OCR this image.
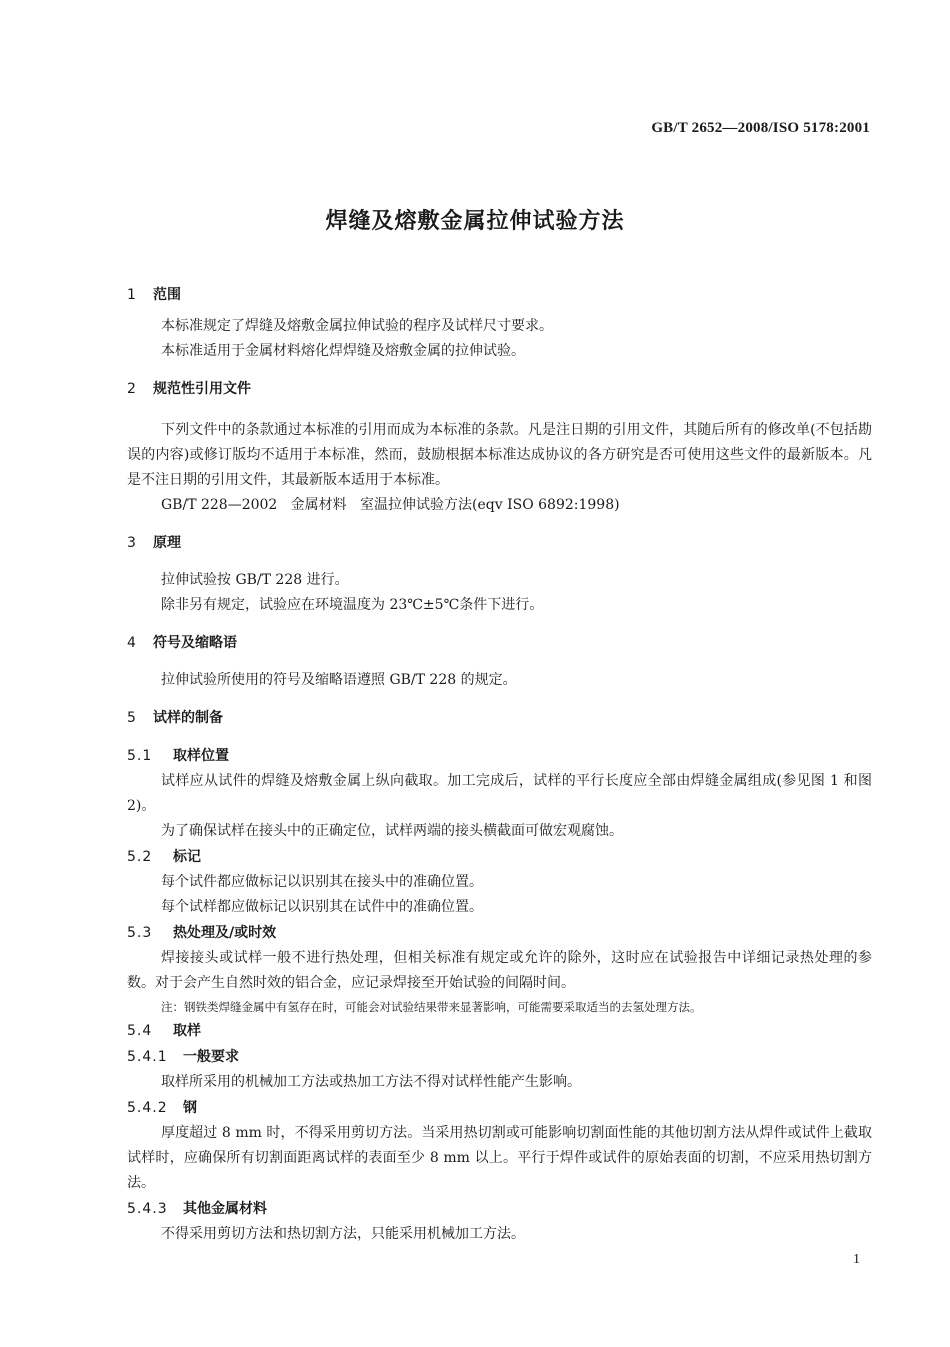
GB/T 2652—2008/ISO 5178:2001
焊缝及熔敷金属拉伸试验方法
1 范围

本标准规定了焊缝及熔敷金属拉伸试验的程序及试样尺寸要求。

本标准适用于金属材料熔化焊焊缝及熔敷金属的拉伸试验。

2 规范性引用文件

下列文件中的条款通过本标准的引用而成为本标准的条款。凡是注日期的引用文件，其随后所有的修改单(不包括勘误的内容)或修订版均不适用于本标准，然而，鼓励根据本标准达成协议的各方研究是否可使用这些文件的最新版本。凡是不注日期的引用文件，其最新版本适用于本标准。

GB/T 228—2002   金属材料   室温拉伸试验方法(eqv ISO 6892:1998)
3 原理

拉伸试验按 GB/T 228 进行。

除非另有规定，试验应在环境温度为 23℃±5℃条件下进行。

4 符号及缩略语

拉伸试验所使用的符号及缩略语遵照 GB/T 228 的规定。

5 试样的制备
5.1 取样位置

试样应从试件的焊缝及熔敷金属上纵向截取。加工完成后，试样的平行长度应全部由焊缝金属组成(参见图 1 和图 2)。

为了确保试样在接头中的正确定位，试样两端的接头横截面可做宏观腐蚀。

5.2 标记

每个试件都应做标记以识别其在接头中的准确位置。

每个试样都应做标记以识别其在试件中的准确位置。

5.3 热处理及/或时效

焊接接头或试样一般不进行热处理，但相关标准有规定或允许的除外，这时应在试验报告中详细记录热处理的参数。对于会产生自然时效的铝合金，应记录焊接至开始试验的间隔时间。

注：钢铁类焊缝金属中有氢存在时，可能会对试验结果带来显著影响，可能需要采取适当的去氢处理方法。

5.4 取样
5.4.1 一般要求

取样所采用的机械加工方法或热加工方法不得对试样性能产生影响。

5.4.2 钢

厚度超过 8 mm 时，不得采用剪切方法。当采用热切割或可能影响切割面性能的其他切割方法从焊件或试件上截取试样时，应确保所有切割面距离试样的表面至少 8 mm 以上。平行于焊件或试件的原始表面的切割，不应采用热切割方法。

5.4.3 其他金属材料

不得采用剪切方法和热切割方法，只能采用机械加工方法。

1
